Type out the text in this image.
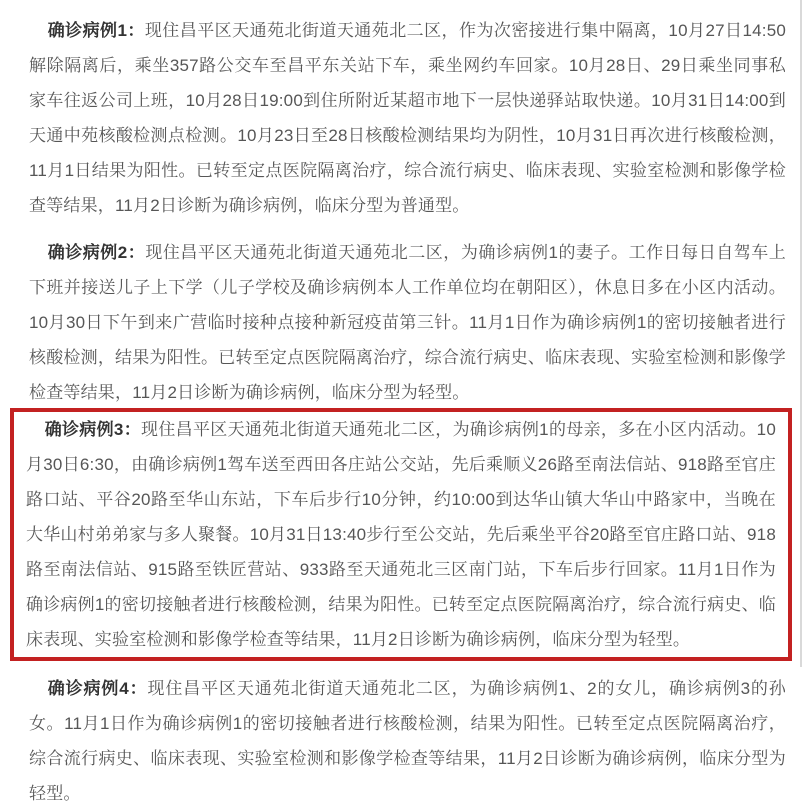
确诊病例1：现住昌平区天通苑北街道天通苑北二区，作为次密接进行集中隔离，10月27日14:50解除隔离后，乘坐357路公交车至昌平东关站下车，乘坐网约车回家。10月28日、29日乘坐同事私家车往返公司上班，10月28日19:00到住所附近某超市地下一层快递驿站取快递。10月31日14:00到天通中苑核酸检测点检测。10月23日至28日核酸检测结果均为阴性，10月31日再次进行核酸检测，11月1日结果为阳性。已转至定点医院隔离治疗，综合流行病史、临床表现、实验室检测和影像学检查等结果，11月2日诊断为确诊病例，临床分型为普通型。

确诊病例2：现住昌平区天通苑北街道天通苑北二区，为确诊病例1的妻子。工作日每日自驾车上下班并接送儿子上下学（儿子学校及确诊病例本人工作单位均在朝阳区），休息日多在小区内活动。10月30日下午到来广营临时接种点接种新冠疫苗第三针。11月1日作为确诊病例1的密切接触者进行核酸检测，结果为阳性。已转至定点医院隔离治疗，综合流行病史、临床表现、实验室检测和影像学检查等结果，11月2日诊断为确诊病例，临床分型为轻型。

确诊病例3：现住昌平区天通苑北街道天通苑北二区，为确诊病例1的母亲，多在小区内活动。10月30日6:30，由确诊病例1驾车送至西田各庄站公交站，先后乘顺义26路至南法信站、918路至官庄路口站、平谷20路至华山东站，下车后步行10分钟，约10:00到达华山镇大华山中路家中，当晚在大华山村弟弟家与多人聚餐。10月31日13:40步行至公交站，先后乘坐平谷20路至官庄路口站、918路至南法信站、915路至铁匠营站、933路至天通苑北三区南门站，下车后步行回家。11月1日作为确诊病例1的密切接触者进行核酸检测，结果为阳性。已转至定点医院隔离治疗，综合流行病史、临床表现、实验室检测和影像学检查等结果，11月2日诊断为确诊病例，临床分型为轻型。

确诊病例4：现住昌平区天通苑北街道天通苑北二区，为确诊病例1、2的女儿，确诊病例3的孙女。11月1日作为确诊病例1的密切接触者进行核酸检测，结果为阳性。已转至定点医院隔离治疗，综合流行病史、临床表现、实验室检测和影像学检查等结果，11月2日诊断为确诊病例，临床分型为轻型。
